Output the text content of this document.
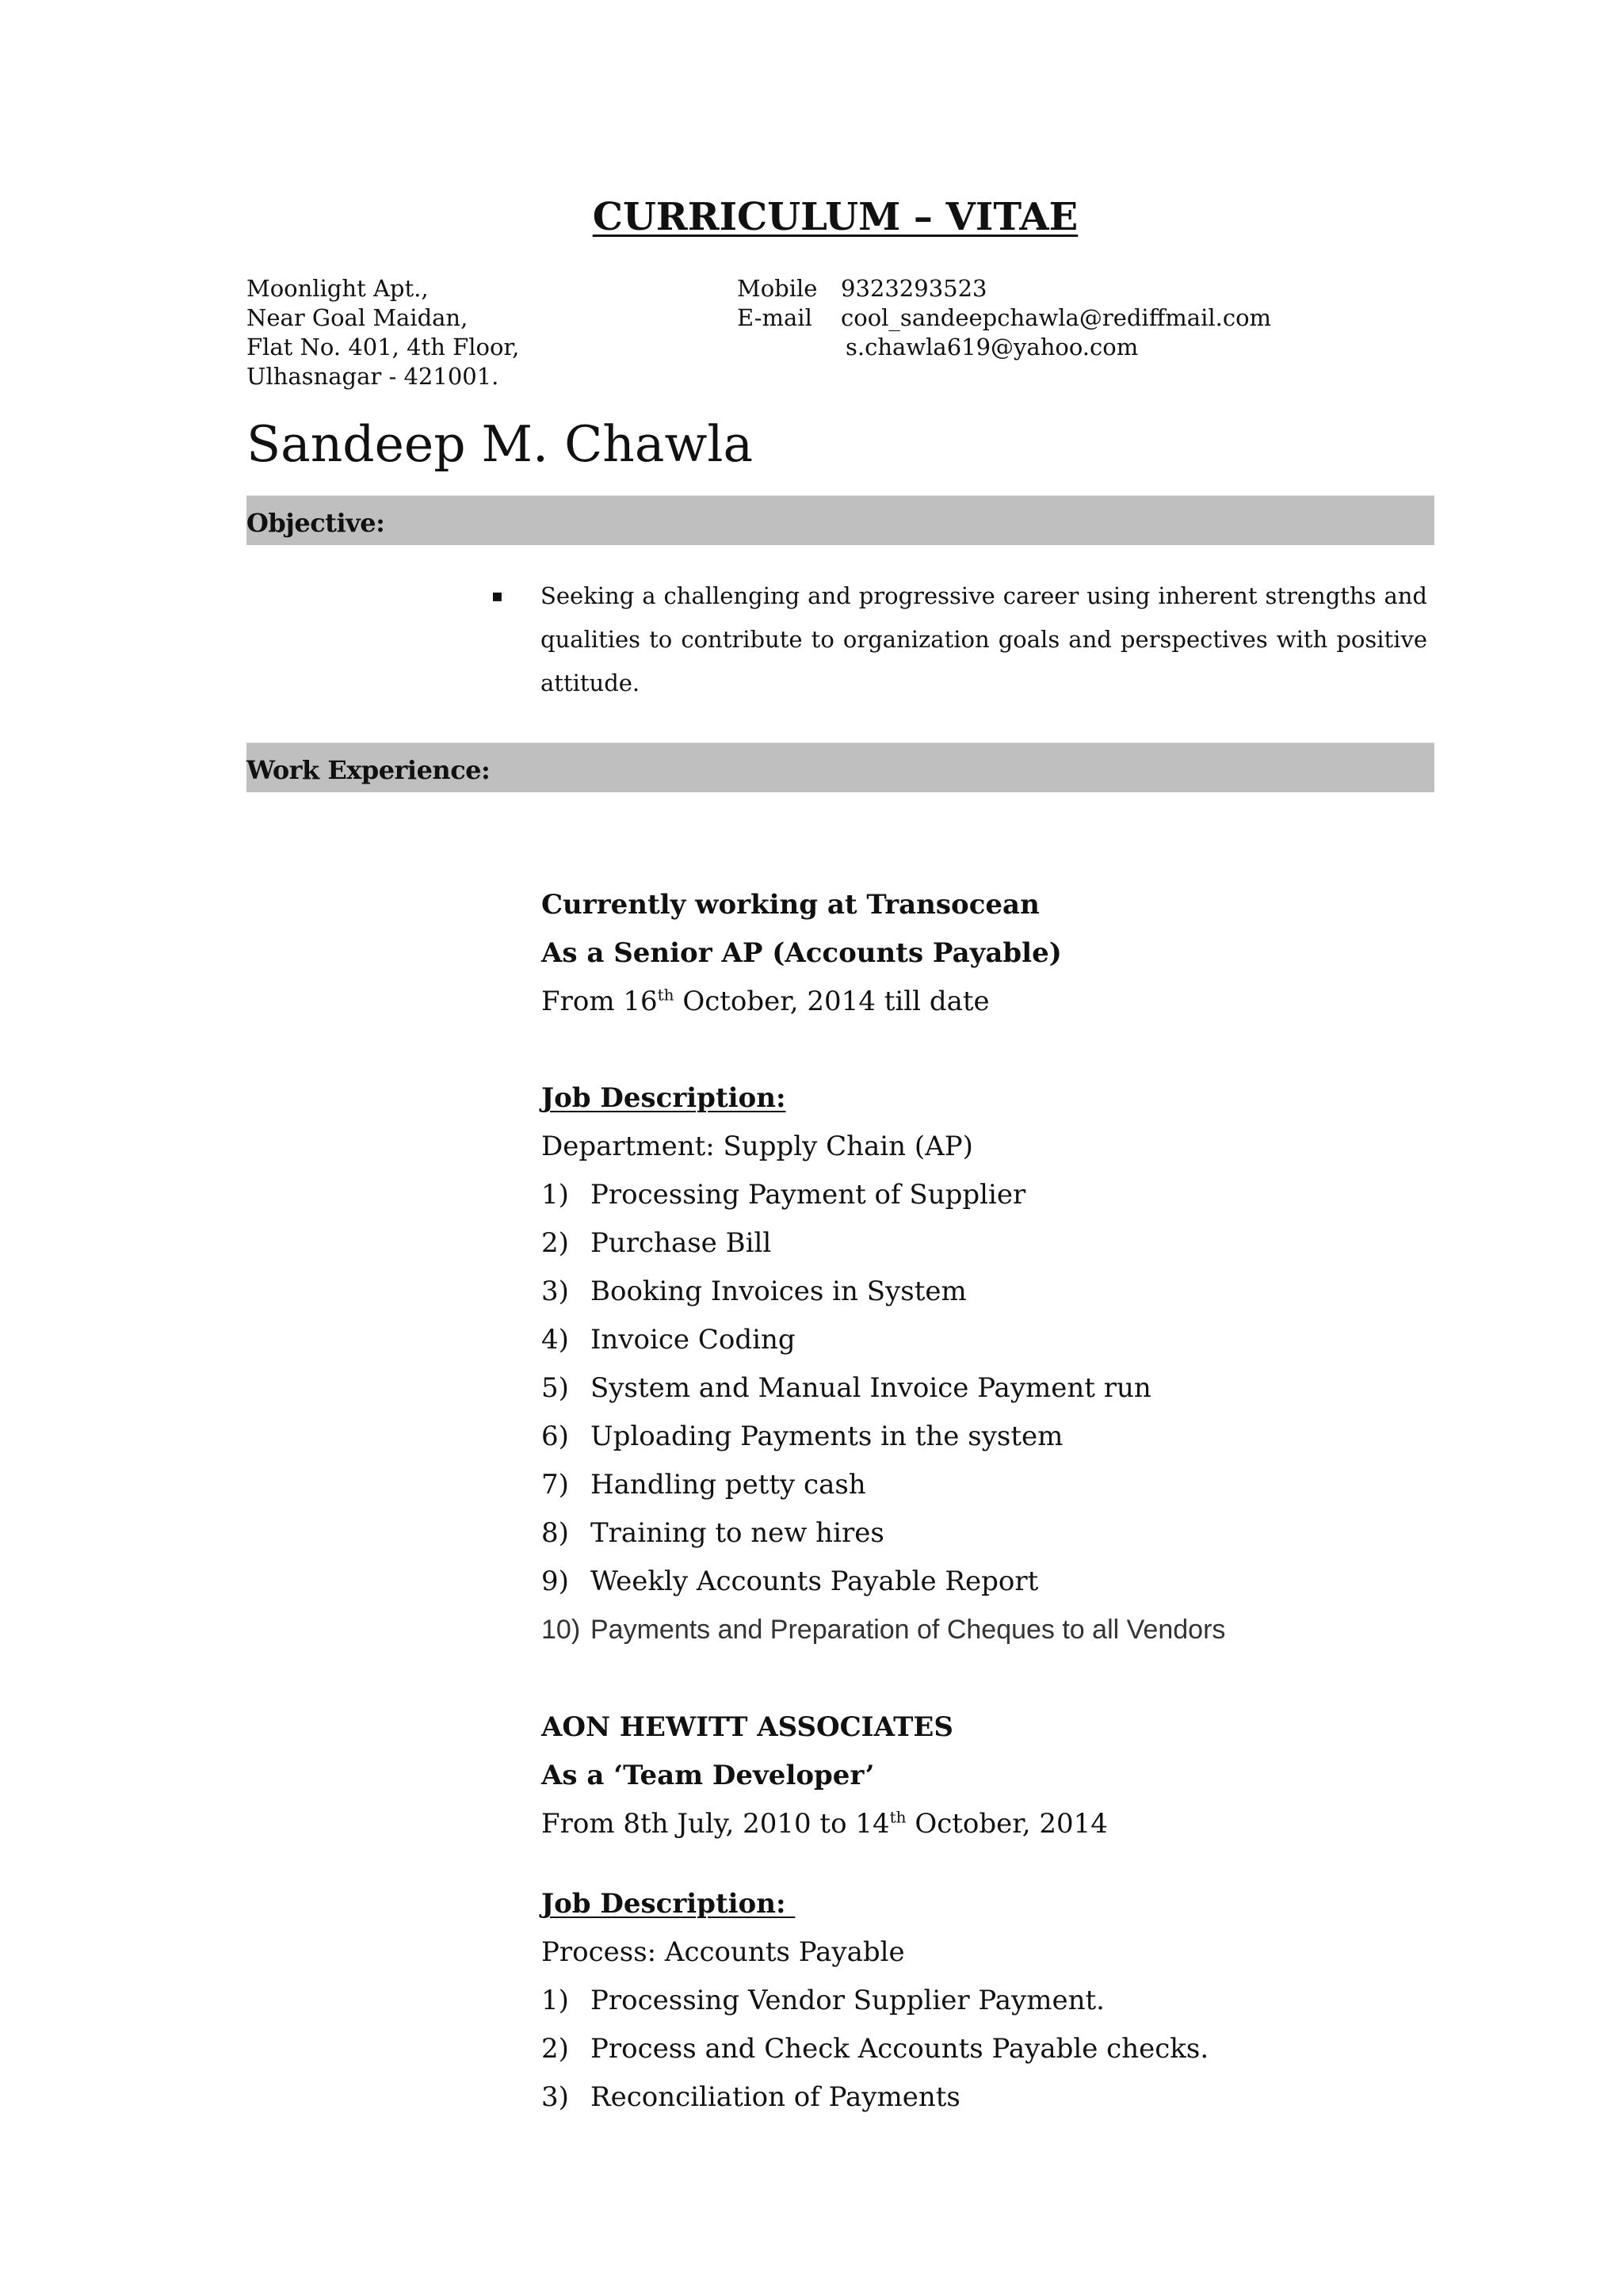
CURRICULUM – VITAE
Moonlight Apt.,
Near Goal Maidan,
Flat No. 401, 4th Floor,
Ulhasnagar - 421001.
Mobile 9323293523
E-mail cool_sandeepchawla@rediffmail.com
s.chawla619@yahoo.com
Sandeep M. Chawla
Objective:
▪ Seeking a challenging and progressive career using inherent strengths and qualities to contribute to organization goals and perspectives with positive attitude.
Work Experience:
Currently working at Transocean
As a Senior AP (Accounts Payable)
From 16th October, 2014 till date
Job Description:
Department: Supply Chain (AP)
1) Processing Payment of Supplier
2) Purchase Bill
3) Booking Invoices in System
4) Invoice Coding
5) System and Manual Invoice Payment run
6) Uploading Payments in the system
7) Handling petty cash
8) Training to new hires
9) Weekly Accounts Payable Report
10) Payments and Preparation of Cheques to all Vendors
AON HEWITT ASSOCIATES
As a ‘Team Developer’
From 8th July, 2010 to 14th October, 2014
Job Description:
Process: Accounts Payable
1) Processing Vendor Supplier Payment.
2) Process and Check Accounts Payable checks.
3) Reconciliation of Payments
